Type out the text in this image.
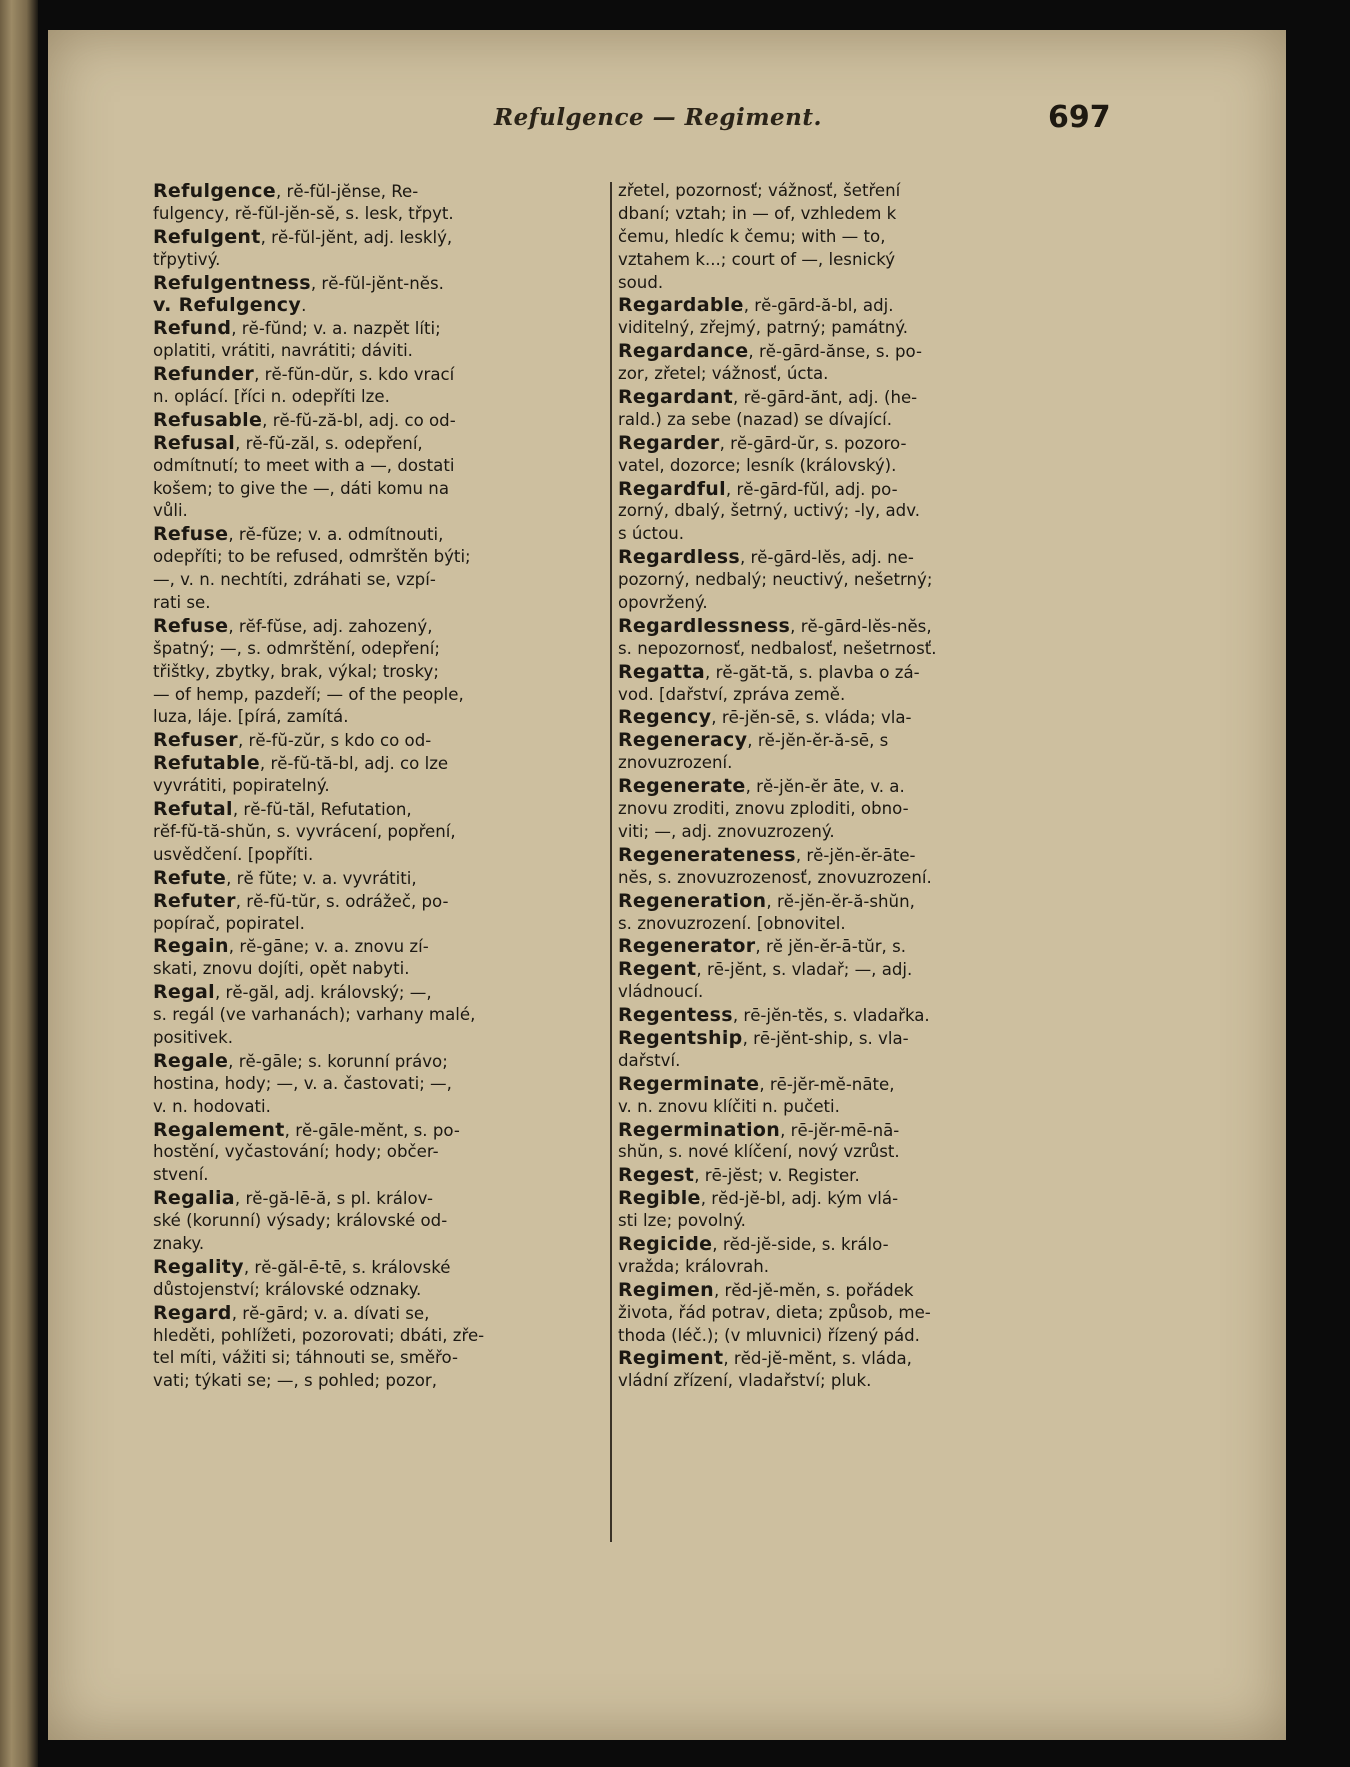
Refulgence — Regiment.	697
Refulgence, rĕ-fŭl-jĕnse, Re-
fulgency, rĕ-fŭl-jĕn-sĕ, s. lesk, třpyt.
Refulgent, rĕ-fŭl-jĕnt, adj. lesklý,
třpytivý.
Refulgentness, rĕ-fŭl-jĕnt-nĕs.
v. Refulgency.
Refund, rĕ-fŭnd; v. a. nazpět líti;
oplatiti, vrátiti, navrátiti; dáviti.
Refunder, rĕ-fŭn-dŭr, s. kdo vrací
n. oplácí. [říci n. odepříti lze.
Refusable, rĕ-fŭ-ză-bl, adj. co od-
Refusal, rĕ-fŭ-zăl, s. odepření,
odmítnutí; to meet with a —, dostati
košem; to give the —, dáti komu na
vůli.
Refuse, rĕ-fŭze; v. a. odmítnouti,
odepříti; to be refused, odmrštěn býti;
—, v. n. nechtíti, zdráhati se, vzpí-
rati se.
Refuse, rĕf-fŭse, adj. zahozený,
špatný; —, s. odmrštění, odepření;
třištky, zbytky, brak, výkal; trosky;
— of hemp, pazdeří; — of the people,
luza, láje. [pírá, zamítá.
Refuser, rĕ-fŭ-zŭr, s kdo co od-
Refutable, rĕ-fŭ-tă-bl, adj. co lze
vyvrátiti, popiratelný.
Refutal, rĕ-fŭ-tăl, Refutation,
rĕf-fŭ-tă-shŭn, s. vyvrácení, popření,
usvědčení. [popříti.
Refute, rĕ fŭte; v. a. vyvrátiti,
Refuter, rĕ-fŭ-tŭr, s. odrážeč, po-
popírač, popiratel.
Regain, rĕ-gāne; v. a. znovu zí-
skati, znovu dojíti, opět nabyti.
Regal, rĕ-găl, adj. královský; —,
s. regál (ve varhanách); varhany malé,
positivek.
Regale, rĕ-gāle; s. korunní právo;
hostina, hody; —, v. a. častovati; —,
v. n. hodovati.
Regalement, rĕ-gāle-mĕnt, s. po-
hostění, vyčastování; hody; občer-
stvení.
Regalia, rĕ-gă-lē-ă, s pl. králov-
ské (korunní) výsady; královské od-
znaky.
Regality, rĕ-găl-ē-tē, s. královské
důstojenství; královské odznaky.
Regard, rĕ-gārd; v. a. dívati se,
hleděti, pohlížeti, pozorovati; dbáti, zře-
tel míti, vážiti si; táhnouti se, směřo-
vati; týkati se; —, s pohled; pozor,
zřetel, pozornosť; vážnosť, šetření
dbaní; vztah; in — of, vzhledem k
čemu, hledíc k čemu; with — to,
vztahem k...; court of —, lesnický
soud.
Regardable, rĕ-gārd-ă-bl, adj.
viditelný, zřejmý, patrný; památný.
Regardance, rĕ-gārd-ănse, s. po-
zor, zřetel; vážnosť, úcta.
Regardant, rĕ-gārd-ănt, adj. (he-
rald.) za sebe (nazad) se dívající.
Regarder, rĕ-gārd-ŭr, s. pozoro-
vatel, dozorce; lesník (královský).
Regardful, rĕ-gārd-fŭl, adj. po-
zorný, dbalý, šetrný, uctivý; -ly, adv.
s úctou.
Regardless, rĕ-gārd-lĕs, adj. ne-
pozorný, nedbalý; neuctivý, nešetrný;
opovržený.
Regardlessness, rĕ-gārd-lĕs-nĕs,
s. nepozornosť, nedbalosť, nešetrnosť.
Regatta, rĕ-găt-tă, s. plavba o zá-
vod. [dařství, zpráva země.
Regency, rē-jĕn-sē, s. vláda; vla-
Regeneracy, rĕ-jĕn-ĕr-ă-sē, s
znovuzrození.
Regenerate, rĕ-jĕn-ĕr āte, v. a.
znovu zroditi, znovu zploditi, obno-
viti; —, adj. znovuzrozený.
Regenerateness, rĕ-jĕn-ĕr-āte-
nĕs, s. znovuzrozenosť, znovuzrození.
Regeneration, rĕ-jĕn-ĕr-ă-shŭn,
s. znovuzrození. [obnovitel.
Regenerator, rĕ jĕn-ĕr-ā-tŭr, s.
Regent, rē-jĕnt, s. vladař; —, adj.
vládnoucí.
Regentess, rē-jĕn-tĕs, s. vladařka.
Regentship, rē-jĕnt-ship, s. vla-
dařství.
Regerminate, rē-jĕr-mĕ-nāte,
v. n. znovu klíčiti n. pučeti.
Regermination, rē-jĕr-mē-nā-
shŭn, s. nové klíčení, nový vzrůst.
Regest, rē-jĕst; v. Register.
Regible, rĕd-jĕ-bl, adj. kým vlá-
sti lze; povolný.
Regicide, rĕd-jĕ-side, s. králo-
vražda; královrah.
Regimen, rĕd-jĕ-mĕn, s. pořádek
života, řád potrav, dieta; způsob, me-
thoda (léč.); (v mluvnici) řízený pád.
Regiment, rĕd-jĕ-mĕnt, s. vláda,
vládní zřízení, vladařství; pluk.
